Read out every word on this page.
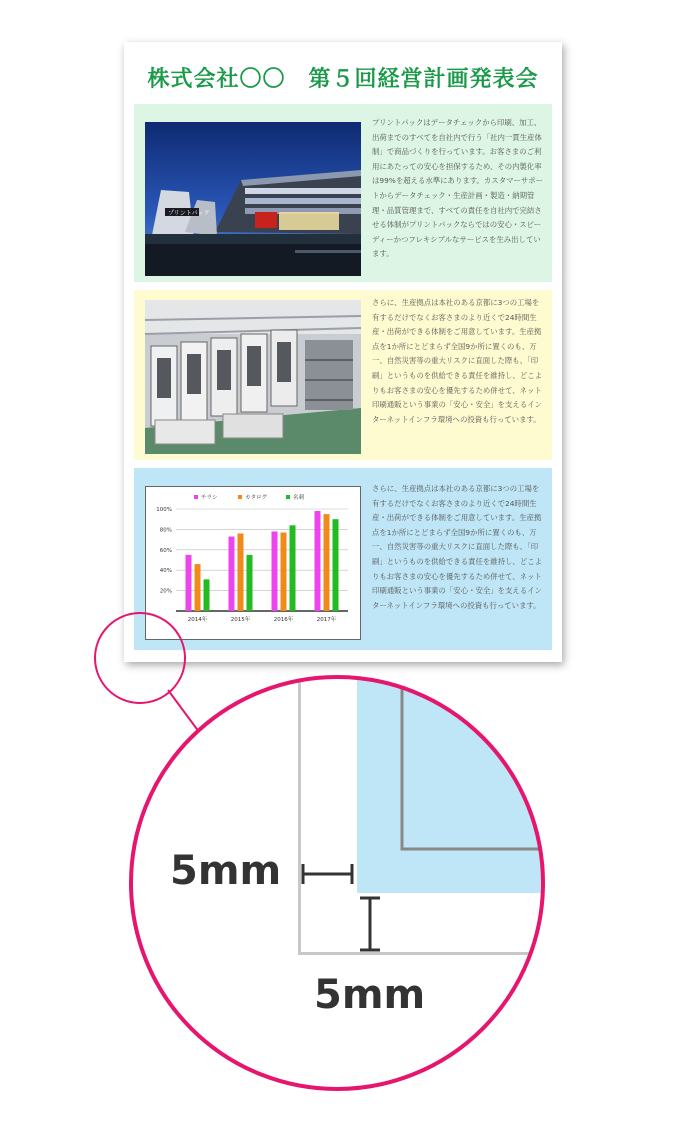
株式会社〇〇　第５回経営計画発表会
プリントパック
プリントパックはデータチェックから印刷、加工、出荷までのすべてを自社内で行う「社内一貫生産体制」で商品づくりを行っています。お客さまのご利用にあたっての安心を担保するため、その内製化率は99%を超える水準にあります。カスタマーサポートからデータチェック・生産計画・製造・納期管理・品質管理まで、すべての責任を自社内で完結させる体制がプリントパックならではの安心・スピーディーかつフレキシブルなサービスを生み出しています。
さらに、生産拠点は本社のある京都に3つの工場を有するだけでなくお客さまのより近くで24時間生産・出荷ができる体制をご用意しています。生産拠点を1か所にとどまらず全国9か所に置くのも、万一、自然災害等の重大リスクに直面した際も、「印刷」というものを供給できる責任を維持し、どこよりもお客さまの安心を優先するため併せて、ネット印刷通販という事業の「安心・安全」を支えるインターネットインフラ環境への投資も行っています。
20%
40%
60%
80%
100%
チラシ	カタログ	名刺
2014年	2015年	2016年	2017年
さらに、生産拠点は本社のある京都に3つの工場を有するだけでなくお客さまのより近くで24時間生産・出荷ができる体制をご用意しています。生産拠点を1か所にとどまらず全国9か所に置くのも、万一、自然災害等の重大リスクに直面した際も、「印刷」というものを供給できる責任を維持し、どこよりもお客さまの安心を優先するため併せて、ネット印刷通販という事業の「安心・安全」を支えるインターネットインフラ環境への投資も行っています。
5mm
5mm
